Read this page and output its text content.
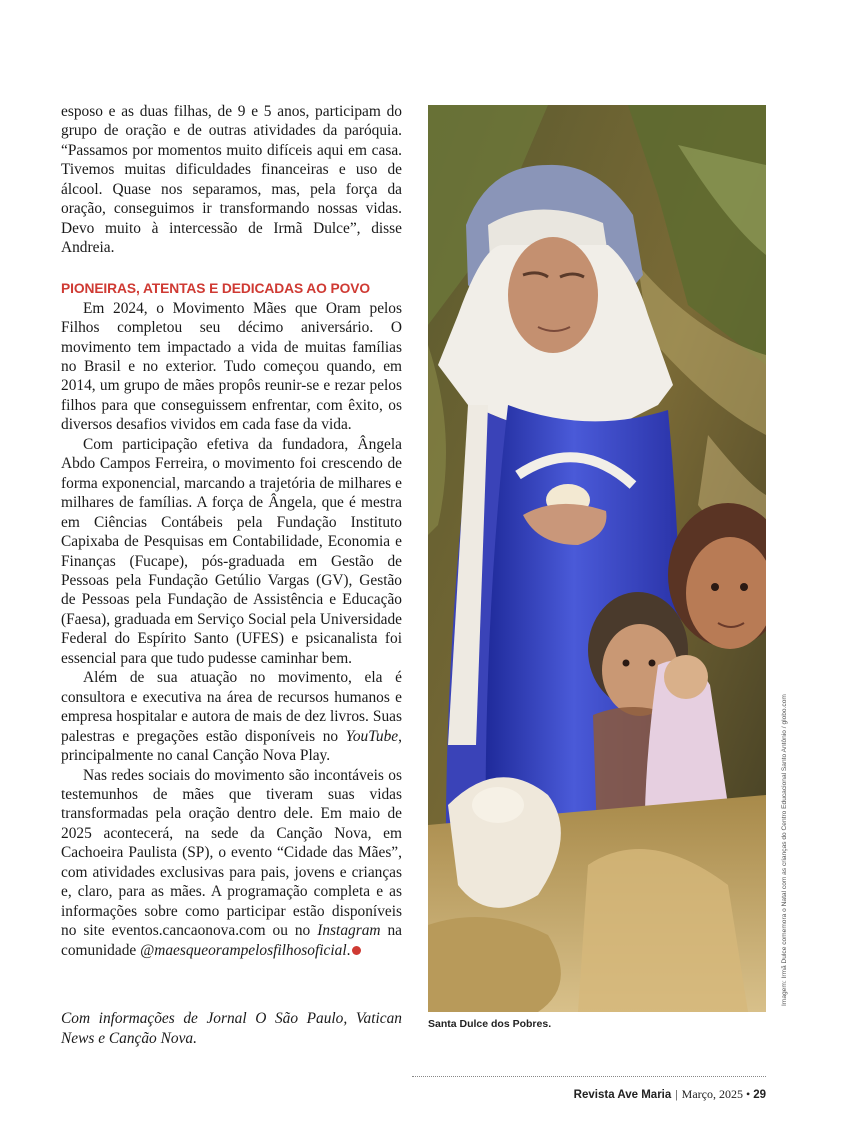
esposo e as duas filhas, de 9 e 5 anos, participam do grupo de oração e de outras atividades da paróquia. “Passamos por momentos muito difíceis aqui em casa. Tivemos muitas dificuldades financeiras e uso de álcool. Quase nos separamos, mas, pela força da oração, conseguimos ir transformando nossas vidas. Devo muito à intercessão de Irmã Dulce”, disse Andreia.

PIONEIRAS, ATENTAS E DEDICADAS AO POVO

Em 2024, o Movimento Mães que Oram pelos Filhos completou seu décimo aniversário. O movimento tem impactado a vida de muitas famílias no Brasil e no exterior. Tudo começou quando, em 2014, um grupo de mães propôs reunir-se e rezar pelos filhos para que conseguissem enfrentar, com êxito, os diversos desafios vividos em cada fase da vida.

Com participação efetiva da fundadora, Ângela Abdo Campos Ferreira, o movimento foi crescendo de forma exponencial, marcando a trajetória de milhares e milhares de famílias. A força de Ângela, que é mestra em Ciências Contábeis pela Fundação Instituto Capixaba de Pesquisas em Contabilidade, Economia e Finanças (Fucape), pós-graduada em Gestão de Pessoas pela Fundação Getúlio Vargas (GV), Gestão de Pessoas pela Fundação de Assistência e Educação (Faesa), graduada em Serviço Social pela Universidade Federal do Espírito Santo (UFES) e psicanalista foi essencial para que tudo pudesse caminhar bem.

Além de sua atuação no movimento, ela é consultora e executiva na área de recursos humanos e empresa hospitalar e autora de mais de dez livros. Suas palestras e pregações estão disponíveis no YouTube, principalmente no canal Canção Nova Play.

Nas redes sociais do movimento são incontáveis os testemunhos de mães que tiveram suas vidas transformadas pela oração dentro dele. Em maio de 2025 acontecerá, na sede da Canção Nova, em Cachoeira Paulista (SP), o evento “Cidade das Mães”, com atividades exclusivas para pais, jovens e crianças e, claro, para as mães. A programação completa e as informações sobre como participar estão disponíveis no site eventos.cancaonova.com ou no Instagram na comunidade @maesqueorampelosfilhosoficial.

Com informações de Jornal O São Paulo, Vatican News e Canção Nova.

Santa Dulce dos Pobres.
Imagem: Irmã Dulce comemora o Natal com as crianças do Centro Educacional Santo Antônio / globo.com
Revista Ave Maria | Março, 2025 • 29
